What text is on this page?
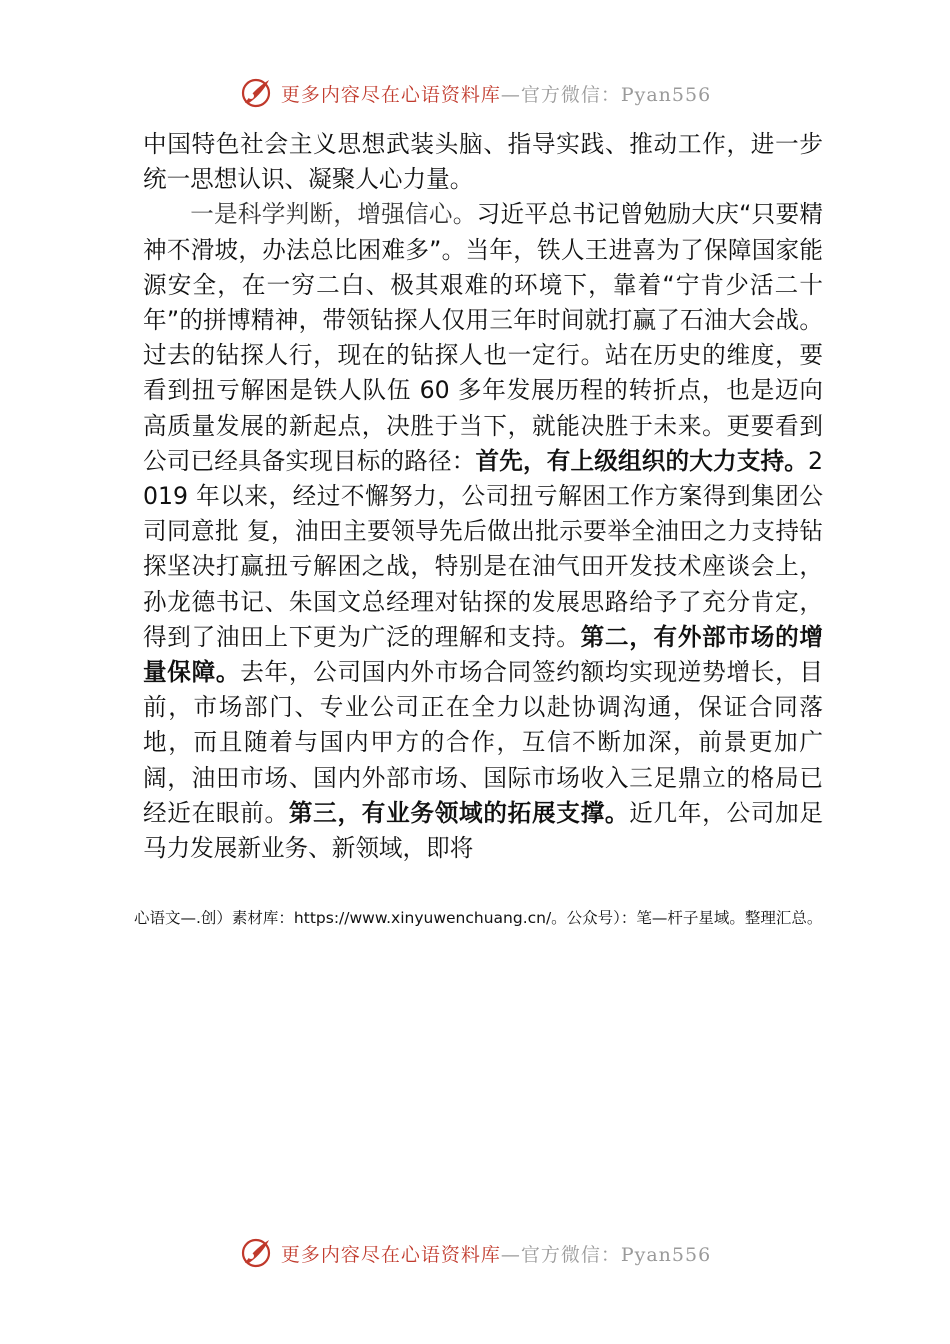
更多内容尽在心语资料库—官方微信：Pyan556

中国特色社会主义思想武装头脑、指导实践、推动工作，进一步统一思想认识、凝聚人心力量。

一是科学判断，增强信心。习近平总书记曾勉励大庆“只要精神不滑坡，办法总比困难多”。当年，铁人王进喜为了保障国家能源安全，在一穷二白、极其艰难的环境下，靠着“宁肯少活二十年”的拼博精神，带领钻探人仅用三年时间就打赢了石油大会战。过去的钻探人行，现在的钻探人也一定行。站在历史的维度，要看到扭亏解困是铁人队伍 60 多年发展历程的转折点，也是迈向高质量发展的新起点，决胜于当下，就能决胜于未来。更要看到公司已经具备实现目标的路径：首先，有上级组织的大力支持。2019 年以来，经过不懈努力，公司扭亏解困工作方案得到集团公司同意批 复，油田主要领导先后做出批示要举全油田之力支持钻探坚决打赢扭亏解困之战，特别是在油气田开发技术座谈会上， 孙龙德书记、朱国文总经理对钻探的发展思路给予了充分肯定，得到了油田上下更为广泛的理解和支持。第二，有外部市场的增量保障。去年，公司国内外市场合同签约额均实现逆势增长，目前，市场部门、专业公司正在全力以赴协调沟通，保证合同落地，而且随着与国内甲方的合作，互信不断加深，前景更加广阔，油田市场、国内外部市场、国际市场收入三足鼎立的格局已经近在眼前。第三，有业务领域的拓展支撑。近几年，公司加足马力发展新业务、新领域，即将

心语文—.创）素材库：https://www.xinyuwenchuang.cn/。公众号）：笔—杆子星域。整理汇总。
更多内容尽在心语资料库—官方微信：Pyan556
